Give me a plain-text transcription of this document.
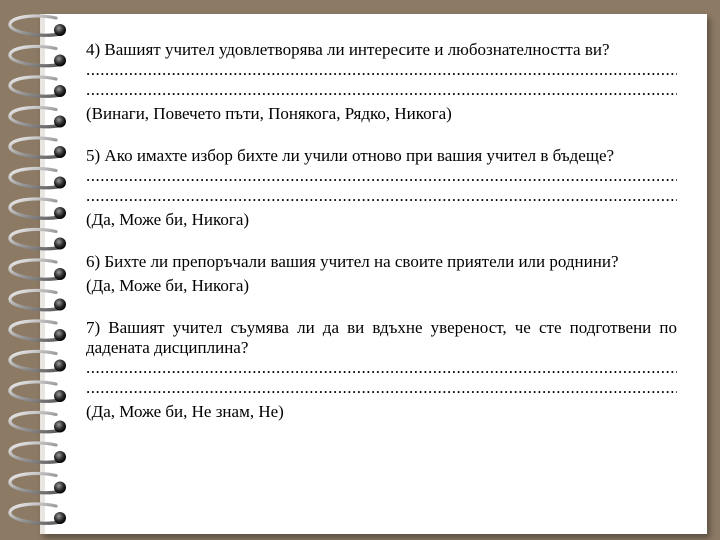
4) Вашият учител удовлетворява ли интересите и любознателността ви?
.....
.....
(Винаги, Повечето пъти, Понякога, Рядко, Никога)
5) Ако имахте избор бихте ли учили отново при вашия учител в бъдеще?
.....
.....
(Да, Може би, Никога)
6) Бихте ли препоръчали вашия учител на своите приятели или роднини?
(Да, Може би, Никога)
7) Вашият учител съумява ли да ви вдъхне увереност, че сте подготвени по дадената дисциплина?
.....
.....
(Да, Може би, Не знам, Не)
